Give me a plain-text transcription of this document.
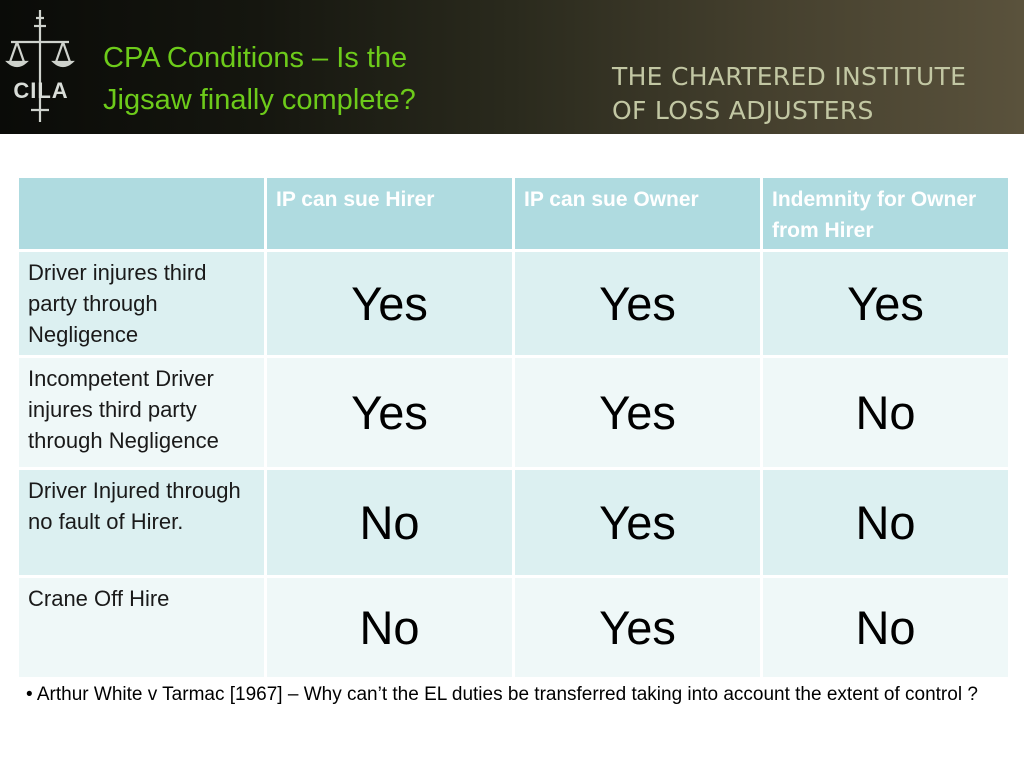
CILA
CPA Conditions – Is the
Jigsaw finally complete?
THE CHARTERED INSTITUTE
OF LOSS ADJUSTERS
	IP can sue Hirer	IP can sue Owner	Indemnity for Owner from Hirer
Driver injures third party through Negligence	Yes	Yes	Yes
Incompetent Driver injures third party through Negligence	Yes	Yes	No
Driver Injured through no fault of Hirer.	No	Yes	No
Crane Off Hire	No	Yes	No
• Arthur White v Tarmac [1967] – Why can’t the EL duties be transferred taking into account the extent of control ?
